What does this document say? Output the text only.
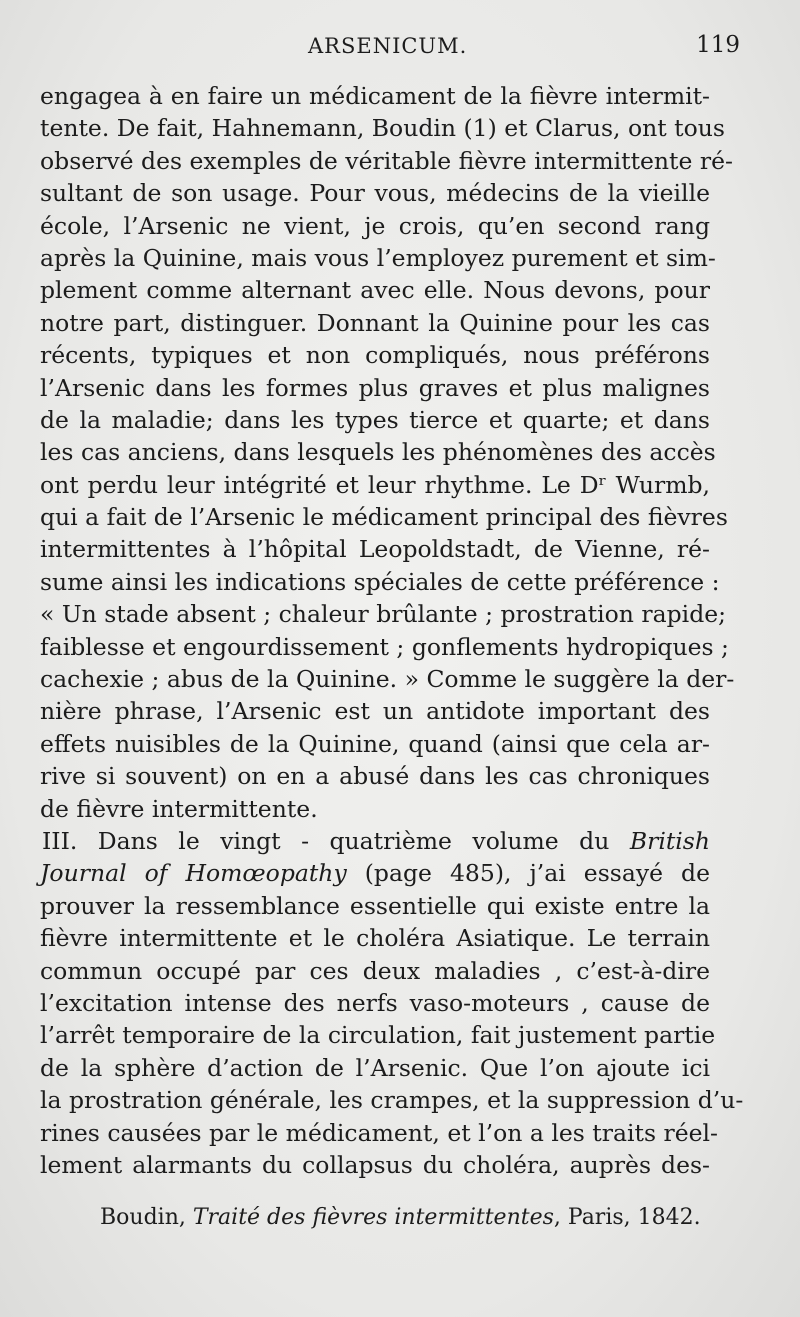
ARSENICUM.	119
engagea à en faire un médicament de la fièvre intermit-
tente. De fait, Hahnemann, Boudin (1) et Clarus, ont tous
observé des exemples de véritable fièvre intermittente ré-
sultant de son usage. Pour vous, médecins de la vieille
école, l’Arsenic ne vient, je crois, qu’en second rang
après la Quinine, mais vous l’employez purement et sim-
plement comme alternant avec elle. Nous devons, pour
notre part, distinguer. Donnant la Quinine pour les cas
récents, typiques et non compliqués, nous préférons
l’Arsenic dans les formes plus graves et plus malignes
de la maladie; dans les types tierce et quarte; et dans
les cas anciens, dans lesquels les phénomènes des accès
ont perdu leur intégrité et leur rhythme. Le Dʳ Wurmb,
qui a fait de l’Arsenic le médicament principal des fièvres
intermittentes à l’hôpital Leopoldstadt, de Vienne, ré-
sume ainsi les indications spéciales de cette préférence :
« Un stade absent ; chaleur brûlante ; prostration rapide;
faiblesse et engourdissement ; gonflements hydropiques ;
cachexie ; abus de la Quinine. » Comme le suggère la der-
nière phrase, l’Arsenic est un antidote important des
effets nuisibles de la Quinine, quand (ainsi que cela ar-
rive si souvent) on en a abusé dans les cas chroniques
de fièvre intermittente.
III. Dans le vingt - quatrième volume du British
Journal of Homœopathy (page 485), j’ai essayé de
prouver la ressemblance essentielle qui existe entre la
fièvre intermittente et le choléra Asiatique. Le terrain
commun occupé par ces deux maladies , c’est-à-dire
l’excitation intense des nerfs vaso-moteurs , cause de
l’arrêt temporaire de la circulation, fait justement partie
de la sphère d’action de l’Arsenic. Que l’on ajoute ici
la prostration générale, les crampes, et la suppression d’u-
rines causées par le médicament, et l’on a les traits réel-
lement alarmants du collapsus du choléra, auprès des-
Boudin, Traité des fièvres intermittentes, Paris, 1842.
